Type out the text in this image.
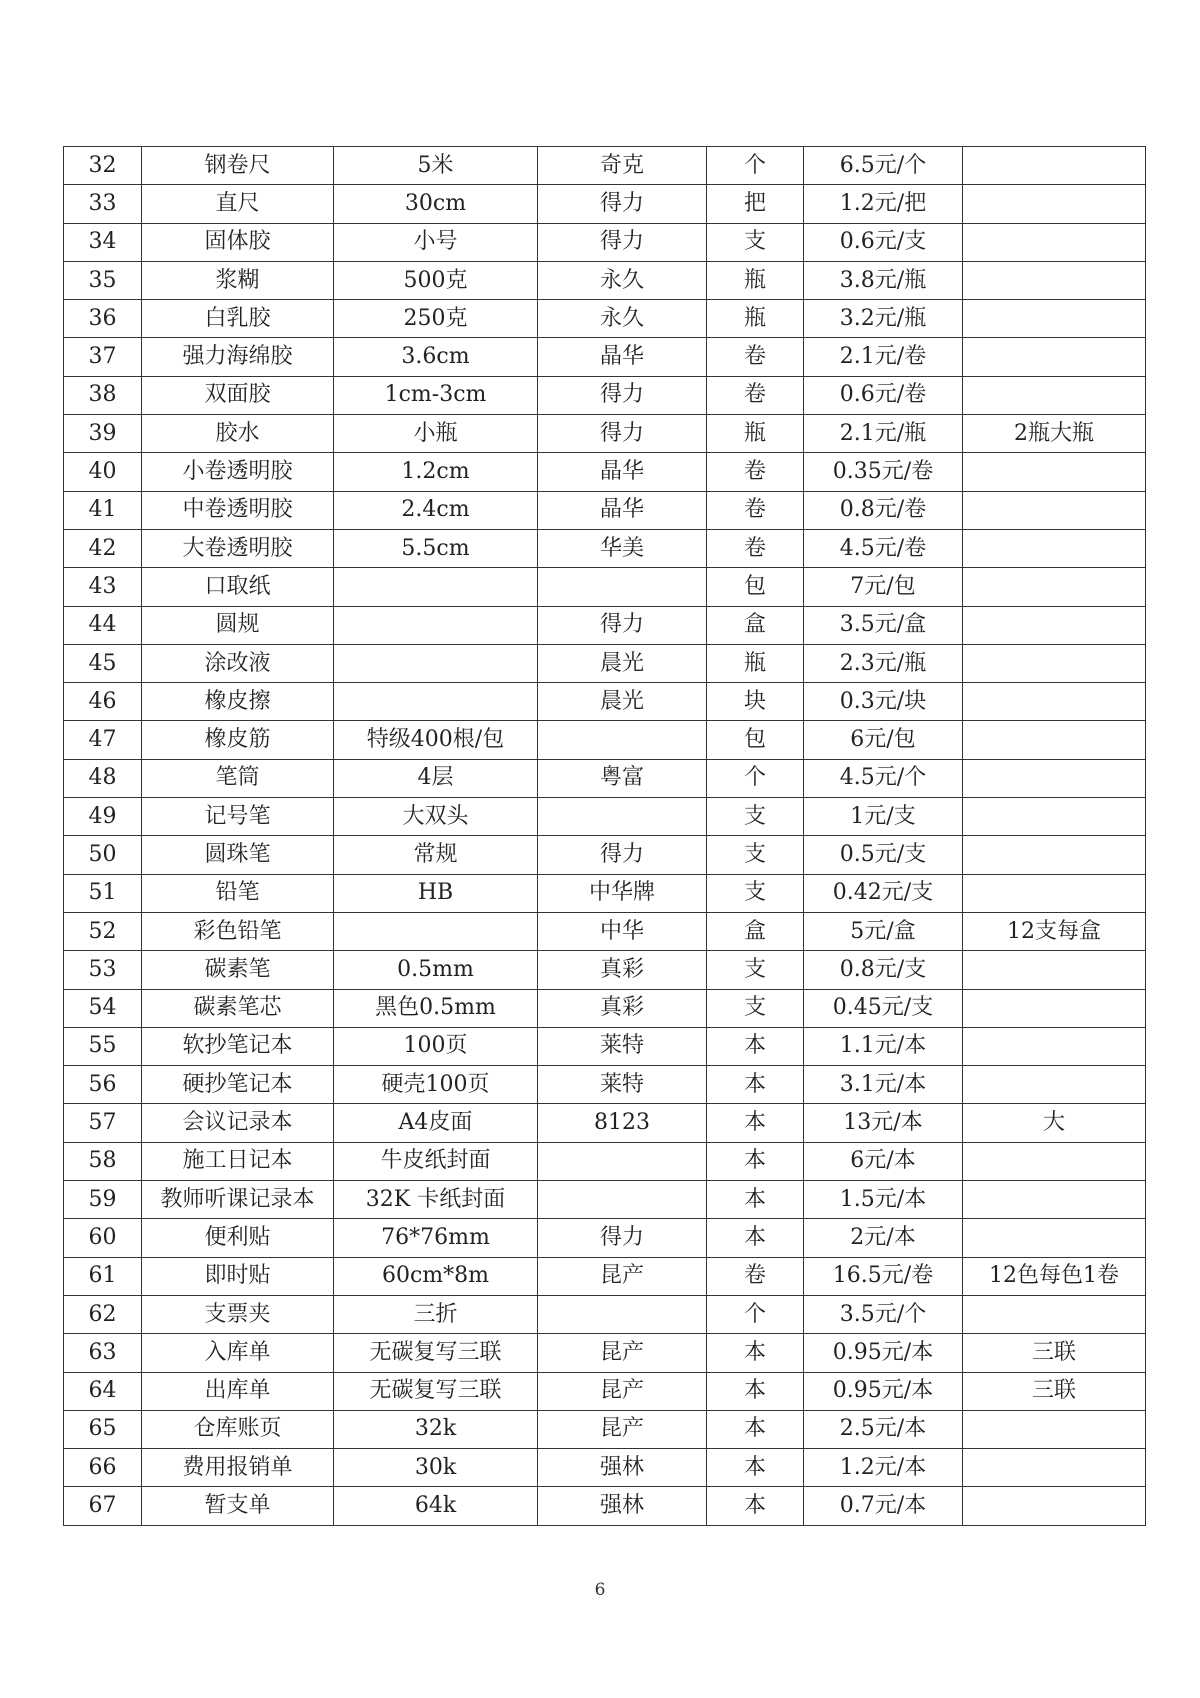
32	钢卷尺	5米	奇克	个	6.5元/个	
33	直尺	30cm	得力	把	1.2元/把	
34	固体胶	小号	得力	支	0.6元/支	
35	浆糊	500克	永久	瓶	3.8元/瓶	
36	白乳胶	250克	永久	瓶	3.2元/瓶	
37	强力海绵胶	3.6cm	晶华	卷	2.1元/卷	
38	双面胶	1cm-3cm	得力	卷	0.6元/卷	
39	胶水	小瓶	得力	瓶	2.1元/瓶	2瓶大瓶
40	小卷透明胶	1.2cm	晶华	卷	0.35元/卷	
41	中卷透明胶	2.4cm	晶华	卷	0.8元/卷	
42	大卷透明胶	5.5cm	华美	卷	4.5元/卷	
43	口取纸			包	7元/包	
44	圆规		得力	盒	3.5元/盒	
45	涂改液		晨光	瓶	2.3元/瓶	
46	橡皮擦		晨光	块	0.3元/块	
47	橡皮筋	特级400根/包		包	6元/包	
48	笔筒	4层	粤富	个	4.5元/个	
49	记号笔	大双头		支	1元/支	
50	圆珠笔	常规	得力	支	0.5元/支	
51	铅笔	HB	中华牌	支	0.42元/支	
52	彩色铅笔		中华	盒	5元/盒	12支每盒
53	碳素笔	0.5mm	真彩	支	0.8元/支	
54	碳素笔芯	黑色0.5mm	真彩	支	0.45元/支	
55	软抄笔记本	100页	莱特	本	1.1元/本	
56	硬抄笔记本	硬壳100页	莱特	本	3.1元/本	
57	会议记录本	A4皮面	8123	本	13元/本	大
58	施工日记本	牛皮纸封面		本	6元/本	
59	教师听课记录本	32K 卡纸封面		本	1.5元/本	
60	便利贴	76*76mm	得力	本	2元/本	
61	即时贴	60cm*8m	昆产	卷	16.5元/卷	12色每色1卷
62	支票夹	三折		个	3.5元/个	
63	入库单	无碳复写三联	昆产	本	0.95元/本	三联
64	出库单	无碳复写三联	昆产	本	0.95元/本	三联
65	仓库账页	32k	昆产	本	2.5元/本	
66	费用报销单	30k	强林	本	1.2元/本	
67	暂支单	64k	强林	本	0.7元/本	
6
